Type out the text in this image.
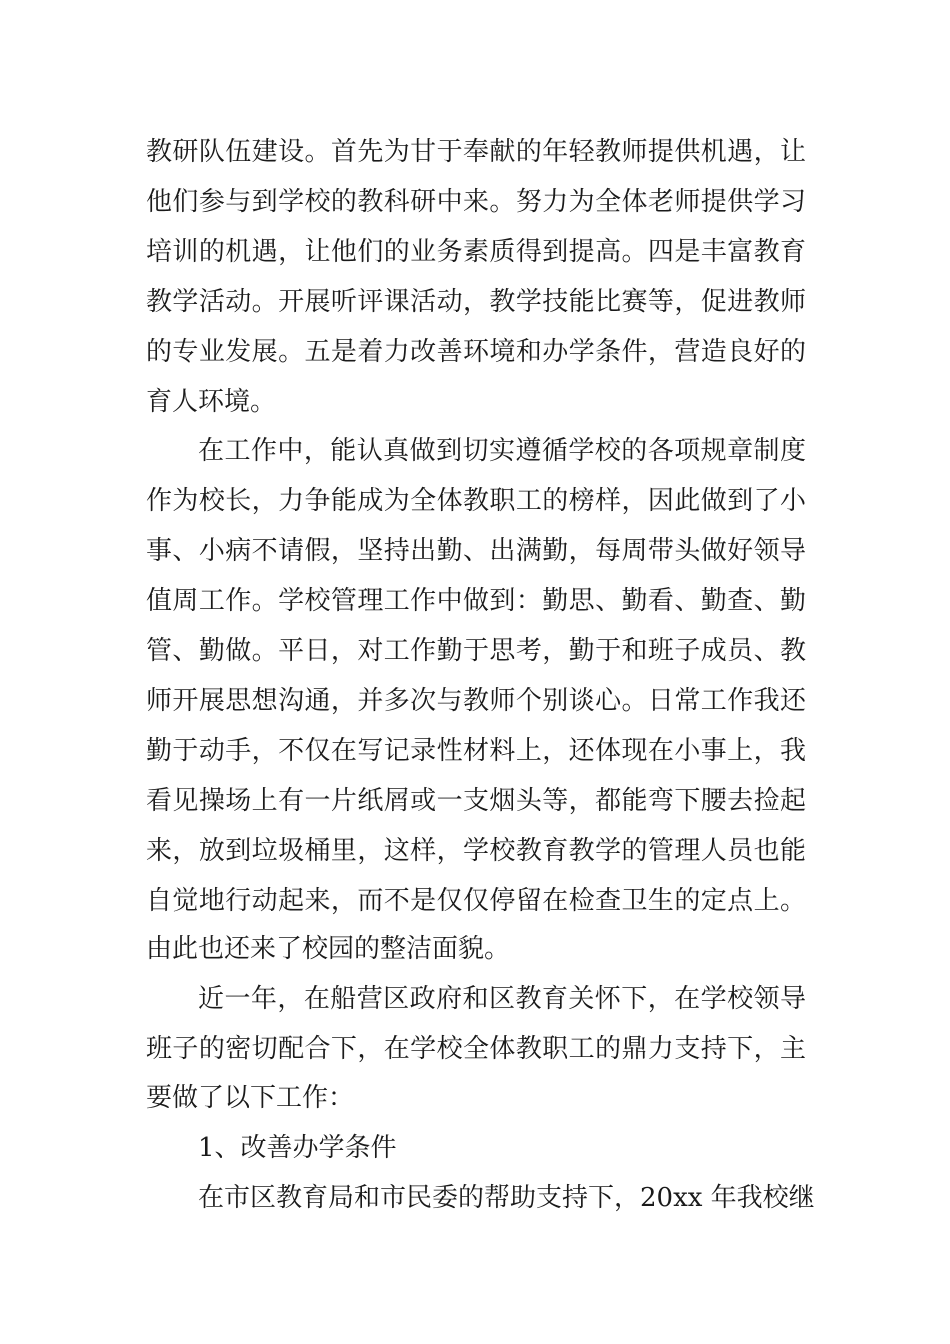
教研队伍建设。首先为甘于奉献的年轻教师提供机遇，让
他们参与到学校的教科研中来。努力为全体老师提供学习
培训的机遇，让他们的业务素质得到提高。四是丰富教育
教学活动。开展听评课活动，教学技能比赛等，促进教师
的专业发展。五是着力改善环境和办学条件，营造良好的
育人环境。
在工作中，能认真做到切实遵循学校的各项规章制度
作为校长，力争能成为全体教职工的榜样，因此做到了小
事、小病不请假，坚持出勤、出满勤，每周带头做好领导
值周工作。学校管理工作中做到：勤思、勤看、勤查、勤
管、勤做。平日，对工作勤于思考，勤于和班子成员、教
师开展思想沟通，并多次与教师个别谈心。日常工作我还
勤于动手，不仅在写记录性材料上，还体现在小事上，我
看见操场上有一片纸屑或一支烟头等，都能弯下腰去捡起
来，放到垃圾桶里，这样，学校教育教学的管理人员也能
自觉地行动起来，而不是仅仅停留在检查卫生的定点上。
由此也还来了校园的整洁面貌。
近一年，在船营区政府和区教育关怀下，在学校领导
班子的密切配合下，在学校全体教职工的鼎力支持下，主
要做了以下工作：
1、改善办学条件
在市区教育局和市民委的帮助支持下，20xx 年我校继
